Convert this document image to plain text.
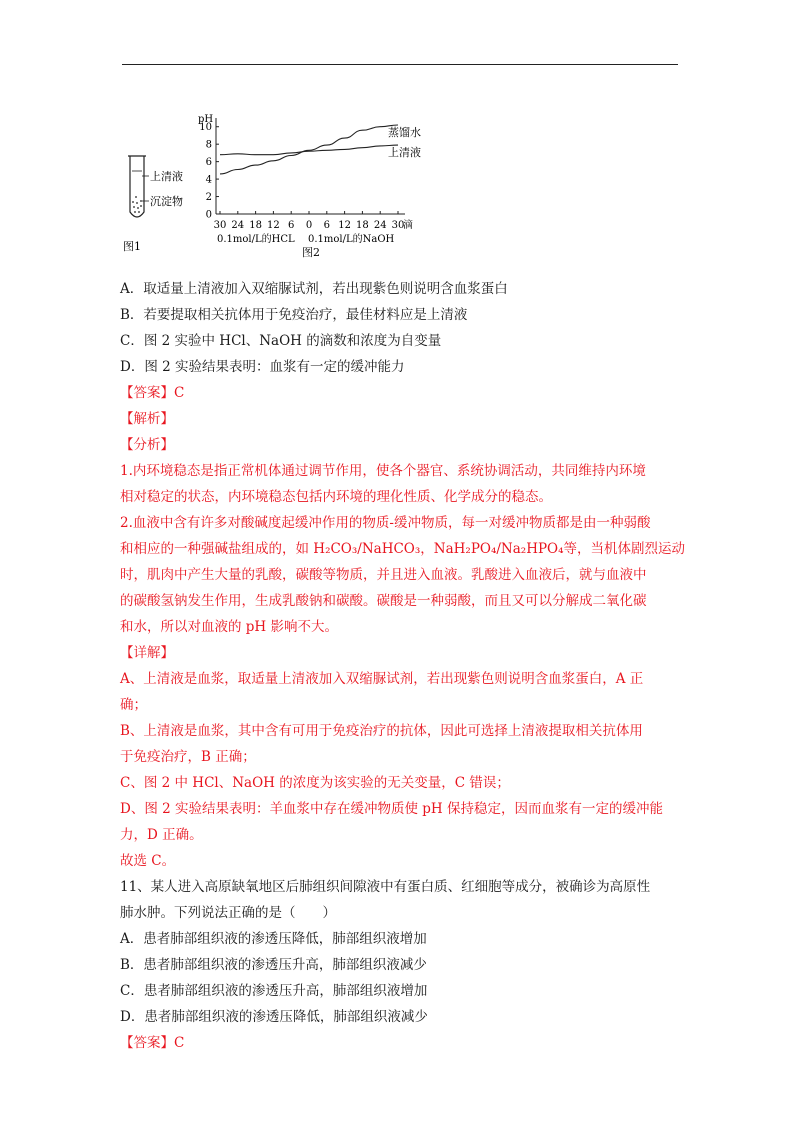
上清液
沉淀物
图1
pH
10
8
6
4
2
0
30 24 18 12 6 0 6 12 18 24 30
滴
0.1mol/L的HCL 0.1mol/L的NaOH
图2
蒸馏水
上清液
A．取适量上清液加入双缩脲试剂，若出现紫色则说明含血浆蛋白
B．若要提取相关抗体用于免疫治疗，最佳材料应是上清液
C．图 2 实验中 HCl、NaOH 的滴数和浓度为自变量
D．图 2 实验结果表明：血浆有一定的缓冲能力
【答案】C
【解析】
【分析】
1.内环境稳态是指正常机体通过调节作用，使各个器官、系统协调活动，共同维持内环境
相对稳定的状态，内环境稳态包括内环境的理化性质、化学成分的稳态。
2.血液中含有许多对酸碱度起缓冲作用的物质-缓冲物质，每一对缓冲物质都是由一种弱酸
和相应的一种强碱盐组成的，如 H₂CO₃/NaHCO₃，NaH₂PO₄/Na₂HPO₄等，当机体剧烈运动
时，肌肉中产生大量的乳酸，碳酸等物质，并且进入血液。乳酸进入血液后，就与血液中
的碳酸氢钠发生作用，生成乳酸钠和碳酸。碳酸是一种弱酸，而且又可以分解成二氧化碳
和水，所以对血液的 pH 影响不大。
【详解】
A、上清液是血浆，取适量上清液加入双缩脲试剂，若出现紫色则说明含血浆蛋白，A 正
确；
B、上清液是血浆，其中含有可用于免疫治疗的抗体，因此可选择上清液提取相关抗体用
于免疫治疗，B 正确；
C、图 2 中 HCl、NaOH 的浓度为该实验的无关变量，C 错误；
D、图 2 实验结果表明：羊血浆中存在缓冲物质使 pH 保持稳定，因而血浆有一定的缓冲能
力，D 正确。
故选 C。
11、某人进入高原缺氧地区后肺组织间隙液中有蛋白质、红细胞等成分，被确诊为高原性
肺水肿。下列说法正确的是（　　）
A．患者肺部组织液的渗透压降低，肺部组织液增加
B．患者肺部组织液的渗透压升高，肺部组织液减少
C．患者肺部组织液的渗透压升高，肺部组织液增加
D．患者肺部组织液的渗透压降低，肺部组织液减少
【答案】C
